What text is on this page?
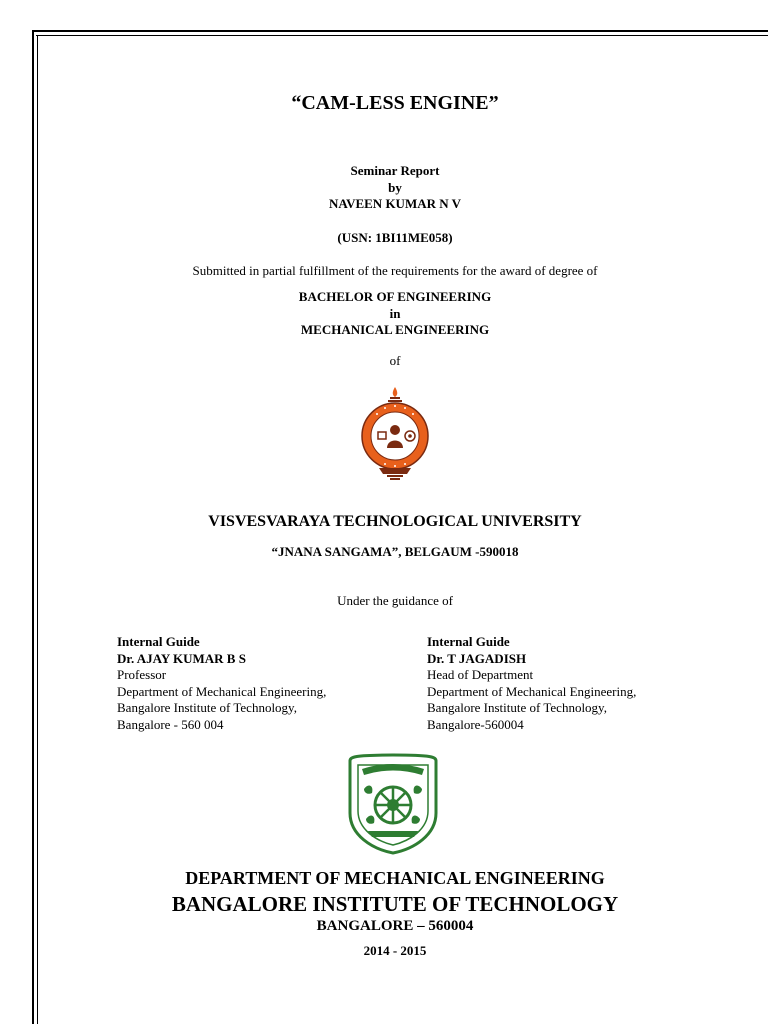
“CAM-LESS ENGINE”
Seminar Report
by
NAVEEN KUMAR N V
(USN: 1BI11ME058)
Submitted in partial fulfillment of the requirements for the award of degree of
BACHELOR OF ENGINEERING
in
MECHANICAL ENGINEERING
of
VISVESVARAYA TECHNOLOGICAL UNIVERSITY
“JNANA SANGAMA”, BELGAUM -590018
Under the guidance of
Internal Guide
Dr. AJAY KUMAR B S
Professor
Department of Mechanical Engineering,
Bangalore Institute of Technology,
Bangalore - 560 004
Internal Guide
Dr. T JAGADISH
Head of Department
Department of Mechanical Engineering,
Bangalore Institute of Technology,
Bangalore-560004
DEPARTMENT OF MECHANICAL ENGINEERING
BANGALORE INSTITUTE OF TECHNOLOGY
BANGALORE – 560004
2014 - 2015
